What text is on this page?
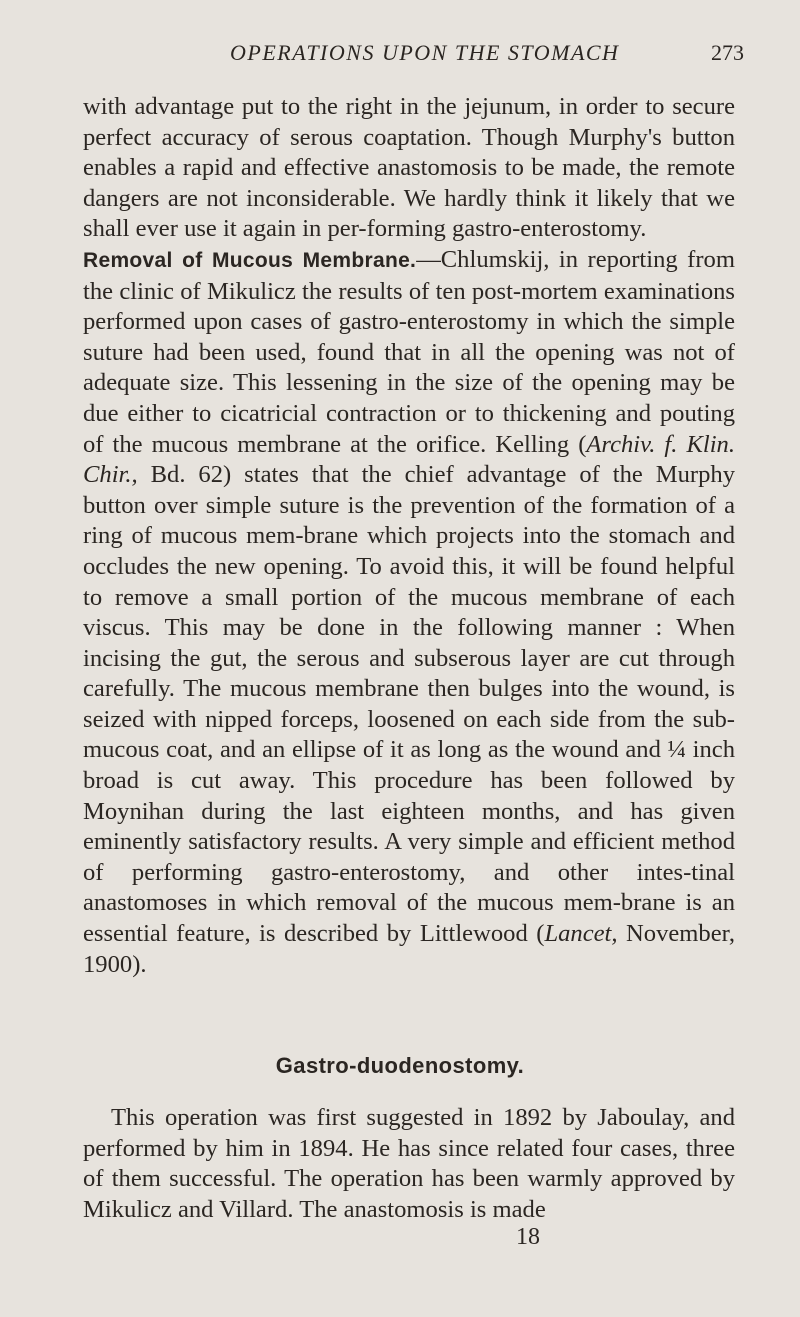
OPERATIONS UPON THE STOMACH	273

with advantage put to the right in the jejunum, in order to secure perfect accuracy of serous coaptation. Though Murphy's button enables a rapid and effective anastomosis to be made, the remote dangers are not inconsiderable. We hardly think it likely that we shall ever use it again in per-forming gastro-enterostomy.

Removal of Mucous Membrane.—Chlumskij, in reporting from the clinic of Mikulicz the results of ten post-mortem examinations performed upon cases of gastro-enterostomy in which the simple suture had been used, found that in all the opening was not of adequate size. This lessening in the size of the opening may be due either to cicatricial contraction or to thickening and pouting of the mucous membrane at the orifice. Kelling (Archiv. f. Klin. Chir., Bd. 62) states that the chief advantage of the Murphy button over simple suture is the prevention of the formation of a ring of mucous mem-brane which projects into the stomach and occludes the new opening. To avoid this, it will be found helpful to remove a small portion of the mucous membrane of each viscus. This may be done in the following manner : When incising the gut, the serous and subserous layer are cut through carefully. The mucous membrane then bulges into the wound, is seized with nipped forceps, loosened on each side from the sub-mucous coat, and an ellipse of it as long as the wound and ¼ inch broad is cut away. This procedure has been followed by Moynihan during the last eighteen months, and has given eminently satisfactory results. A very simple and efficient method of performing gastro-enterostomy, and other intes-tinal anastomoses in which removal of the mucous mem-brane is an essential feature, is described by Littlewood (Lancet, November, 1900).

Gastro-duodenostomy.

This operation was first suggested in 1892 by Jaboulay, and performed by him in 1894. He has since related four cases, three of them successful. The operation has been warmly approved by Mikulicz and Villard. The anastomosis is made

18
